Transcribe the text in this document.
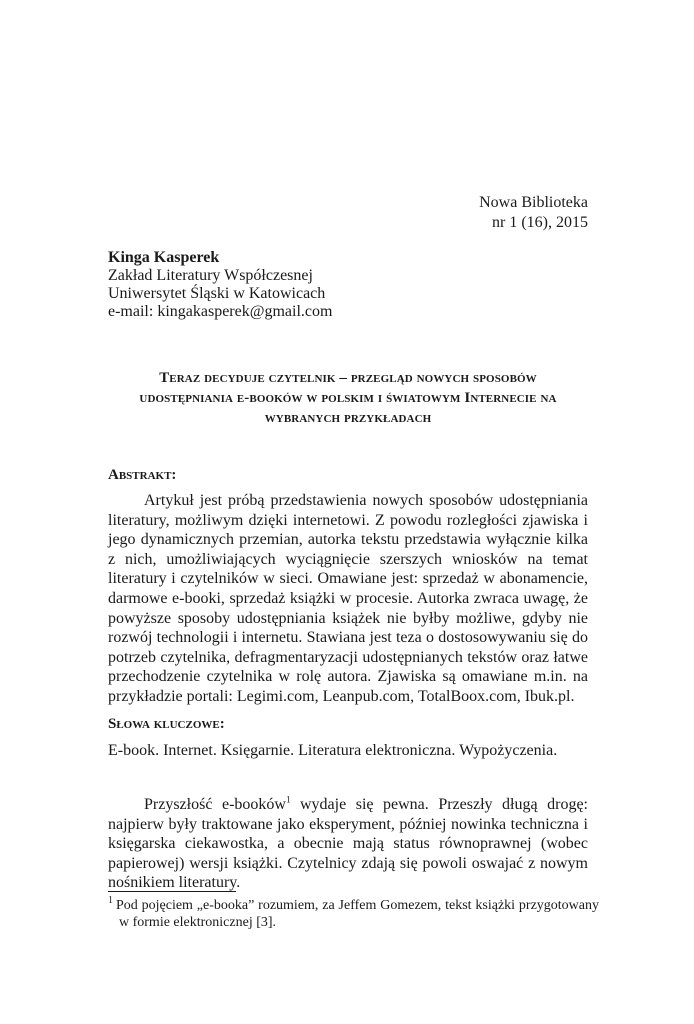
Nowa Biblioteka
nr 1 (16), 2015
Kinga Kasperek
Zakład Literatury Współczesnej
Uniwersytet Śląski w Katowicach
e-mail: kingakasperek@gmail.com
Teraz decyduje czytelnik – przegląd nowych sposobów
udostępniania e-booków w polskim i światowym Internecie na
wybranych przykładach
Abstrakt:

Artykuł jest próbą przedstawienia nowych sposobów udostępniania literatury, możliwym dzięki internetowi. Z powodu rozległości zjawiska i jego dynamicznych przemian, autorka tekstu przedstawia wyłącznie kilka z nich, umożliwiających wyciągnięcie szerszych wniosków na temat literatury i czytelników w sieci. Omawiane jest: sprzedaż w abonamencie, darmowe e-booki, sprzedaż książki w procesie. Autorka zwraca uwagę, że powyższe sposoby udostępniania książek nie byłby możliwe, gdyby nie rozwój technologii i internetu. Stawiana jest teza o dostosowywaniu się do potrzeb czytelnika, defragmentaryzacji udostępnianych tekstów oraz łatwe przechodzenie czytelnika w rolę autora. Zjawiska są omawiane m.in. na przykładzie portali: Legimi.com, Leanpub.com, TotalBoox.com, Ibuk.pl.

Słowa kluczowe:

E-book. Internet. Księgarnie. Literatura elektroniczna. Wypożyczenia.

Przyszłość e-booków$^1$ wydaje się pewna. Przeszły długą drogę: najpierw były traktowane jako eksperyment, później nowinka techniczna i księgarska ciekawostka, a obecnie mają status równoprawnej (wobec papierowej) wersji książki. Czytelnicy zdają się powoli oswajać z nowym nośnikiem literatury.

$^1$ Pod pojęciem „e-booka” rozumiem, za Jeffem Gomezem, tekst książki przygotowany w formie elektronicznej [3].
